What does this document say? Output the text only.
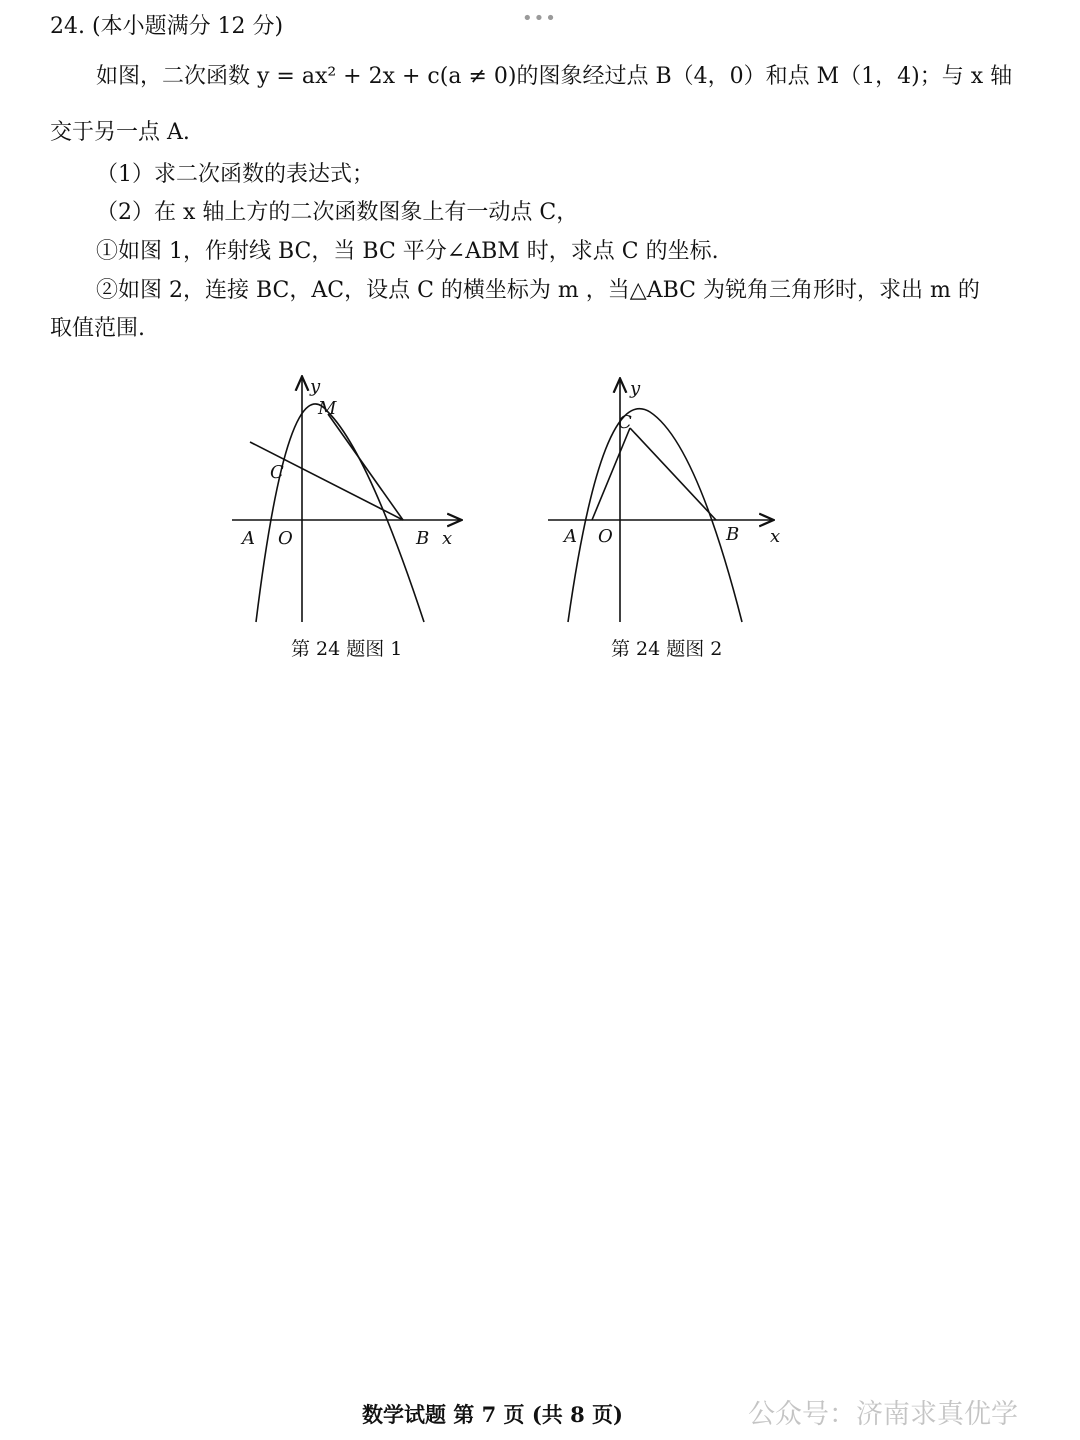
•••
24. (本小题满分 12 分)
如图，二次函数 y = ax² + 2x + c(a ≠ 0)的图象经过点 B（4，0）和点 M（1，4)；与 x 轴
交于另一点 A.
（1）求二次函数的表达式；
（2）在 x 轴上方的二次函数图象上有一动点 C，
①如图 1，作射线 BC，当 BC 平分∠ABM 时，求点 C 的坐标.
②如图 2，连接 BC，AC，设点 C 的横坐标为 m ，当△ABC 为锐角三角形时，求出 m 的
取值范围.
y
M
C
A O	B x
第 24 题图 1
y
C
A O	B x
第 24 题图 2
数学试题 第 7 页 (共 8 页)	公众号：济南求真优学
